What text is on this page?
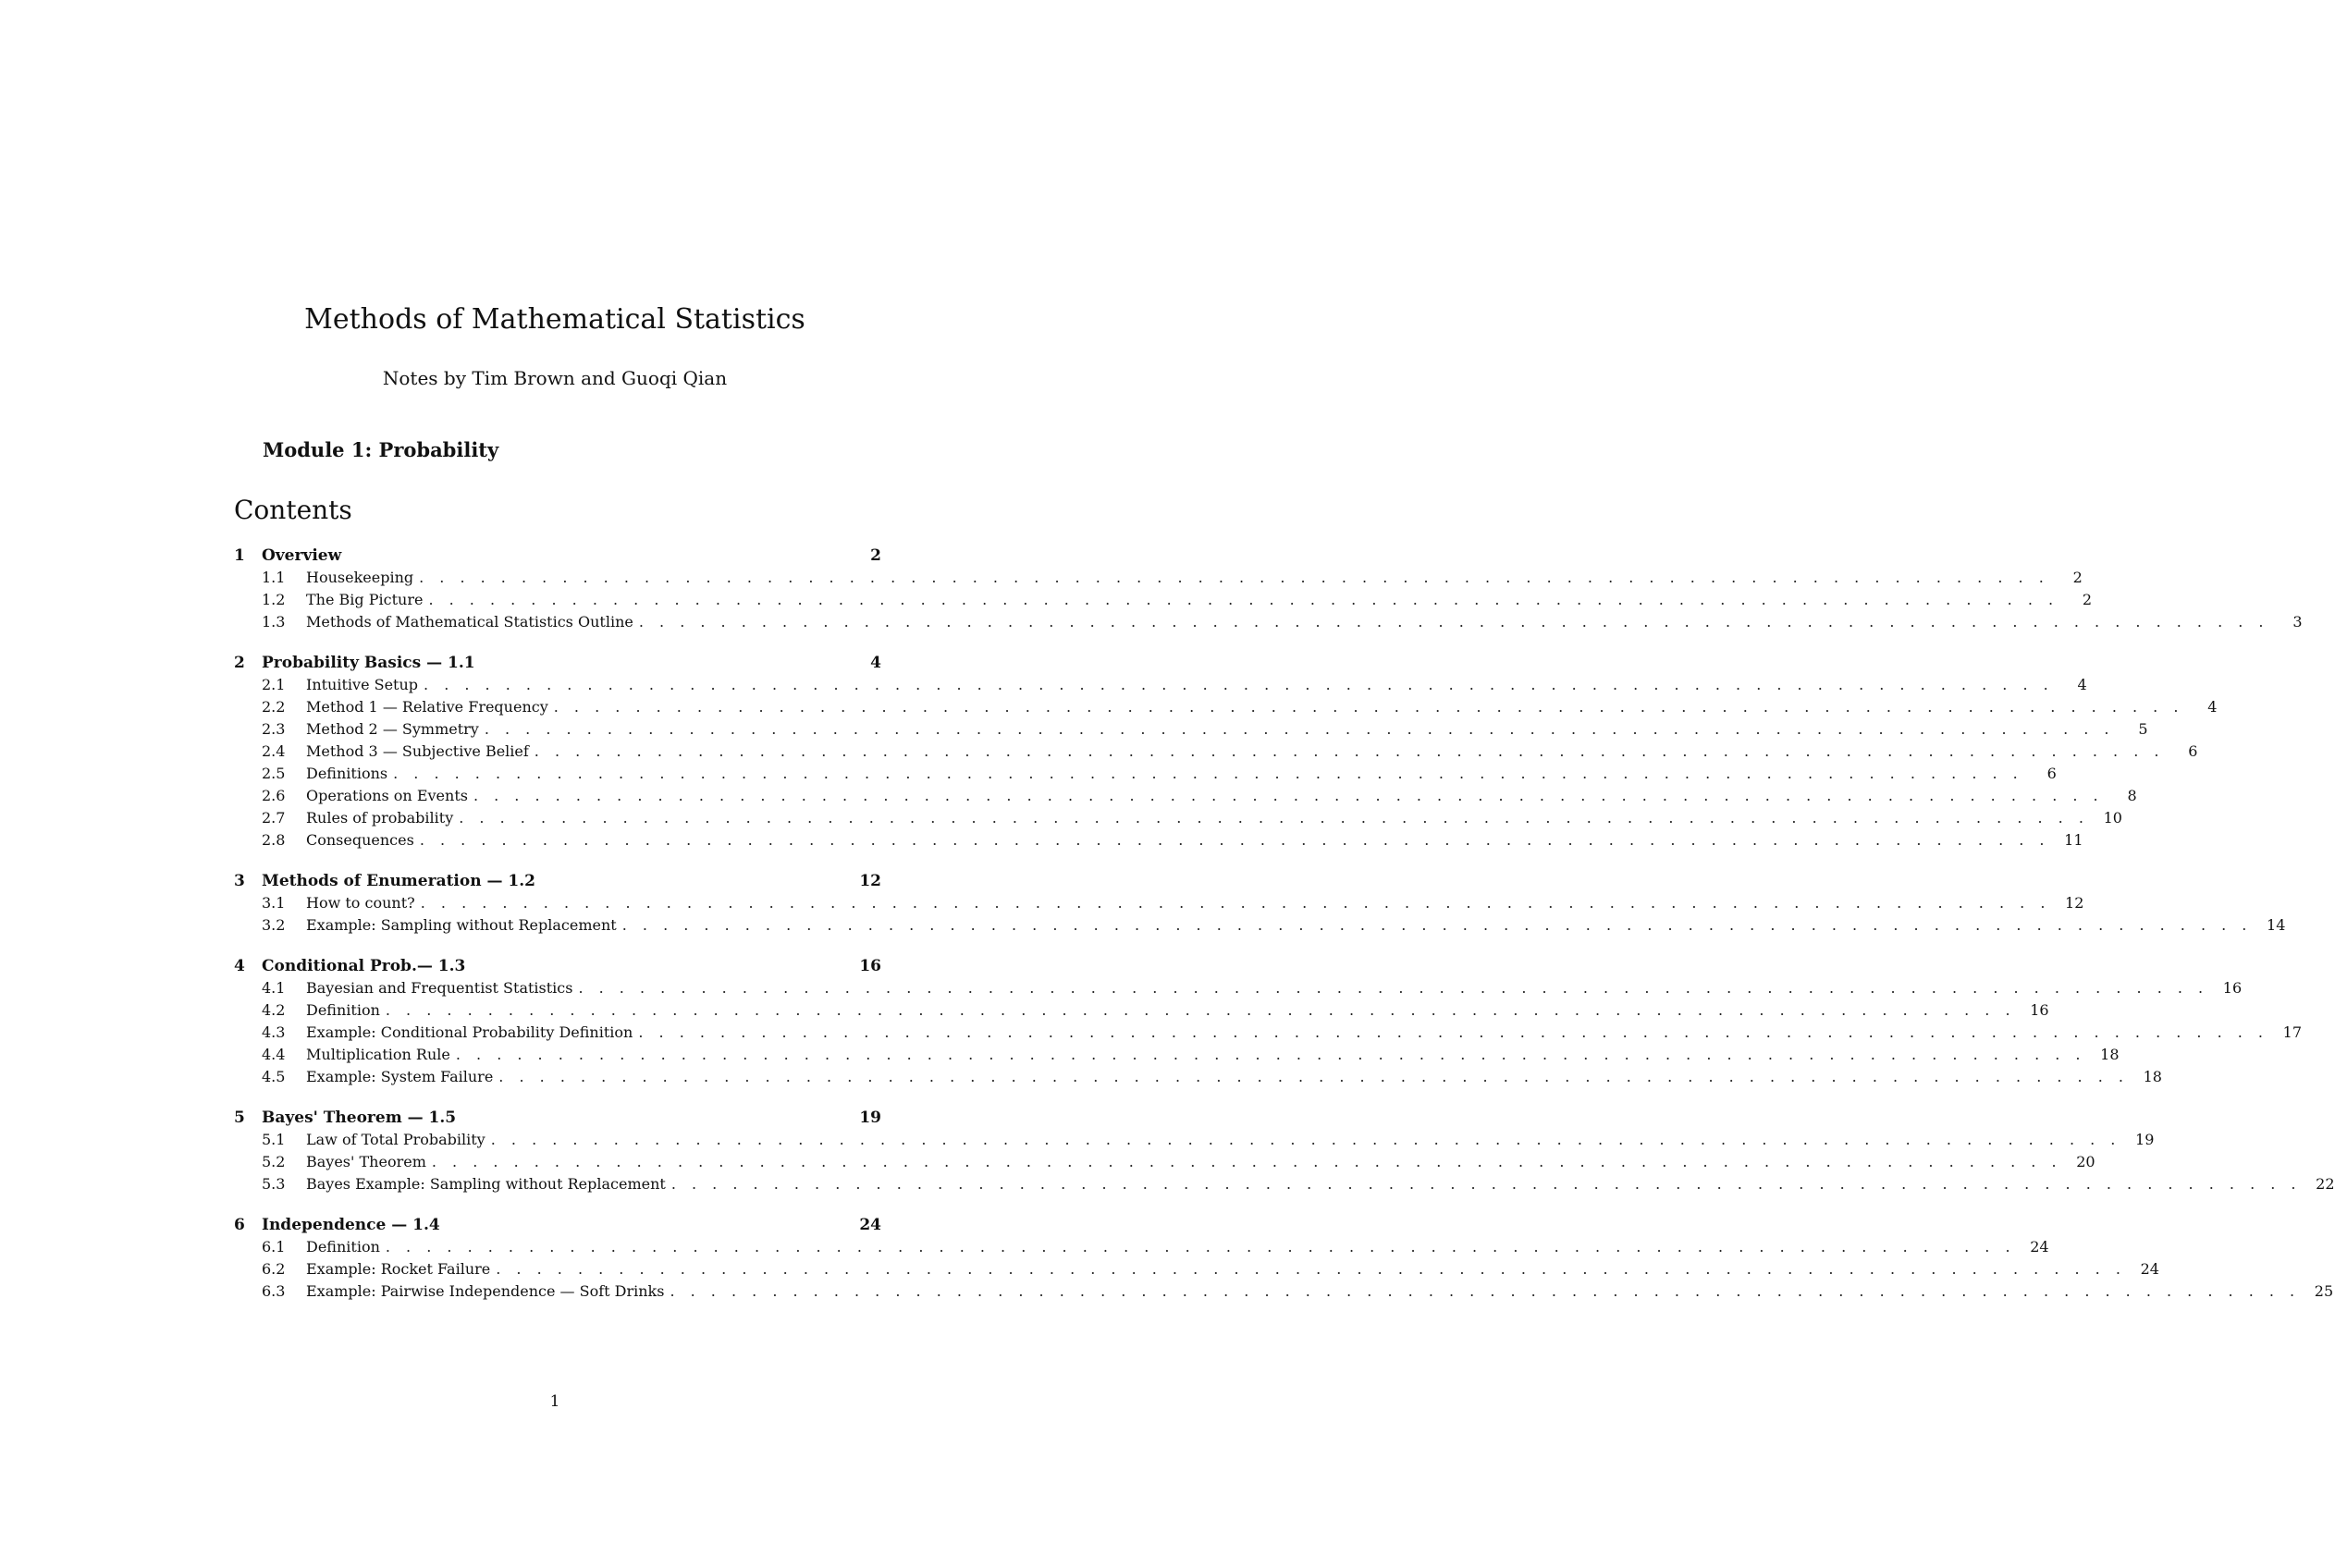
Methods of Mathematical Statistics
Notes by Tim Brown and Guoqi Qian
Module 1: Probability
Contents
1	Overview	2
1.1	Housekeeping . . . . . . . . . . . . . . . . . . . . . . . . . . . . . . . . . . . . . . . . . . . . . . . . . . . . . . . . . . . . . . . . . . . . . . . . . . . . . . . .	2
1.2	The Big Picture . . . . . . . . . . . . . . . . . . . . . . . . . . . . . . . . . . . . . . . . . . . . . . . . . . . . . . . . . . . . . . . . . . . . . . . . . . . . . . . .	2
1.3	Methods of Mathematical Statistics Outline . . . . . . . . . . . . . . . . . . . . . . . . . . . . . . . . . . . . . . . . . . . . . . . . . . . . . . . . . . . . . . . . . . . . . . . . . . . . . . . .	3
2	Probability Basics — 1.1	4
2.1	Intuitive Setup . . . . . . . . . . . . . . . . . . . . . . . . . . . . . . . . . . . . . . . . . . . . . . . . . . . . . . . . . . . . . . . . . . . . . . . . . . . . . . . .	4
2.2	Method 1 — Relative Frequency . . . . . . . . . . . . . . . . . . . . . . . . . . . . . . . . . . . . . . . . . . . . . . . . . . . . . . . . . . . . . . . . . . . . . . . . . . . . . . . .	4
2.3	Method 2 — Symmetry . . . . . . . . . . . . . . . . . . . . . . . . . . . . . . . . . . . . . . . . . . . . . . . . . . . . . . . . . . . . . . . . . . . . . . . . . . . . . . . .	5
2.4	Method 3 — Subjective Belief . . . . . . . . . . . . . . . . . . . . . . . . . . . . . . . . . . . . . . . . . . . . . . . . . . . . . . . . . . . . . . . . . . . . . . . . . . . . . . . .	6
2.5	Definitions . . . . . . . . . . . . . . . . . . . . . . . . . . . . . . . . . . . . . . . . . . . . . . . . . . . . . . . . . . . . . . . . . . . . . . . . . . . . . . . .	6
2.6	Operations on Events . . . . . . . . . . . . . . . . . . . . . . . . . . . . . . . . . . . . . . . . . . . . . . . . . . . . . . . . . . . . . . . . . . . . . . . . . . . . . . . .	8
2.7	Rules of probability . . . . . . . . . . . . . . . . . . . . . . . . . . . . . . . . . . . . . . . . . . . . . . . . . . . . . . . . . . . . . . . . . . . . . . . . . . . . . . . . 10
2.8	Consequences . . . . . . . . . . . . . . . . . . . . . . . . . . . . . . . . . . . . . . . . . . . . . . . . . . . . . . . . . . . . . . . . . . . . . . . . . . . . . . . . 11
3	Methods of Enumeration — 1.2	12
3.1	How to count? . . . . . . . . . . . . . . . . . . . . . . . . . . . . . . . . . . . . . . . . . . . . . . . . . . . . . . . . . . . . . . . . . . . . . . . . . . . . . . . . 12
3.2	Example: Sampling without Replacement . . . . . . . . . . . . . . . . . . . . . . . . . . . . . . . . . . . . . . . . . . . . . . . . . . . . . . . . . . . . . . . . . . . . . . . . . . . . . . . . 14
4	Conditional Prob.— 1.3	16
4.1	Bayesian and Frequentist Statistics . . . . . . . . . . . . . . . . . . . . . . . . . . . . . . . . . . . . . . . . . . . . . . . . . . . . . . . . . . . . . . . . . . . . . . . . . . . . . . . . 16
4.2	Definition . . . . . . . . . . . . . . . . . . . . . . . . . . . . . . . . . . . . . . . . . . . . . . . . . . . . . . . . . . . . . . . . . . . . . . . . . . . . . . . . 16
4.3	Example: Conditional Probability Definition . . . . . . . . . . . . . . . . . . . . . . . . . . . . . . . . . . . . . . . . . . . . . . . . . . . . . . . . . . . . . . . . . . . . . . . . . . . . . . . . 17
4.4	Multiplication Rule . . . . . . . . . . . . . . . . . . . . . . . . . . . . . . . . . . . . . . . . . . . . . . . . . . . . . . . . . . . . . . . . . . . . . . . . . . . . . . . . 18
4.5	Example: System Failure . . . . . . . . . . . . . . . . . . . . . . . . . . . . . . . . . . . . . . . . . . . . . . . . . . . . . . . . . . . . . . . . . . . . . . . . . . . . . . . . 18
5	Bayes' Theorem — 1.5	19
5.1	Law of Total Probability . . . . . . . . . . . . . . . . . . . . . . . . . . . . . . . . . . . . . . . . . . . . . . . . . . . . . . . . . . . . . . . . . . . . . . . . . . . . . . . . 19
5.2	Bayes' Theorem . . . . . . . . . . . . . . . . . . . . . . . . . . . . . . . . . . . . . . . . . . . . . . . . . . . . . . . . . . . . . . . . . . . . . . . . . . . . . . . . 20
5.3	Bayes Example: Sampling without Replacement . . . . . . . . . . . . . . . . . . . . . . . . . . . . . . . . . . . . . . . . . . . . . . . . . . . . . . . . . . . . . . . . . . . . . . . . . . . . . . . . 22
6	Independence — 1.4	24
6.1	Definition . . . . . . . . . . . . . . . . . . . . . . . . . . . . . . . . . . . . . . . . . . . . . . . . . . . . . . . . . . . . . . . . . . . . . . . . . . . . . . . . 24
6.2	Example: Rocket Failure . . . . . . . . . . . . . . . . . . . . . . . . . . . . . . . . . . . . . . . . . . . . . . . . . . . . . . . . . . . . . . . . . . . . . . . . . . . . . . . . 24
6.3	Example: Pairwise Independence — Soft Drinks . . . . . . . . . . . . . . . . . . . . . . . . . . . . . . . . . . . . . . . . . . . . . . . . . . . . . . . . . . . . . . . . . . . . . . . . . . . . . . . . 25
1
